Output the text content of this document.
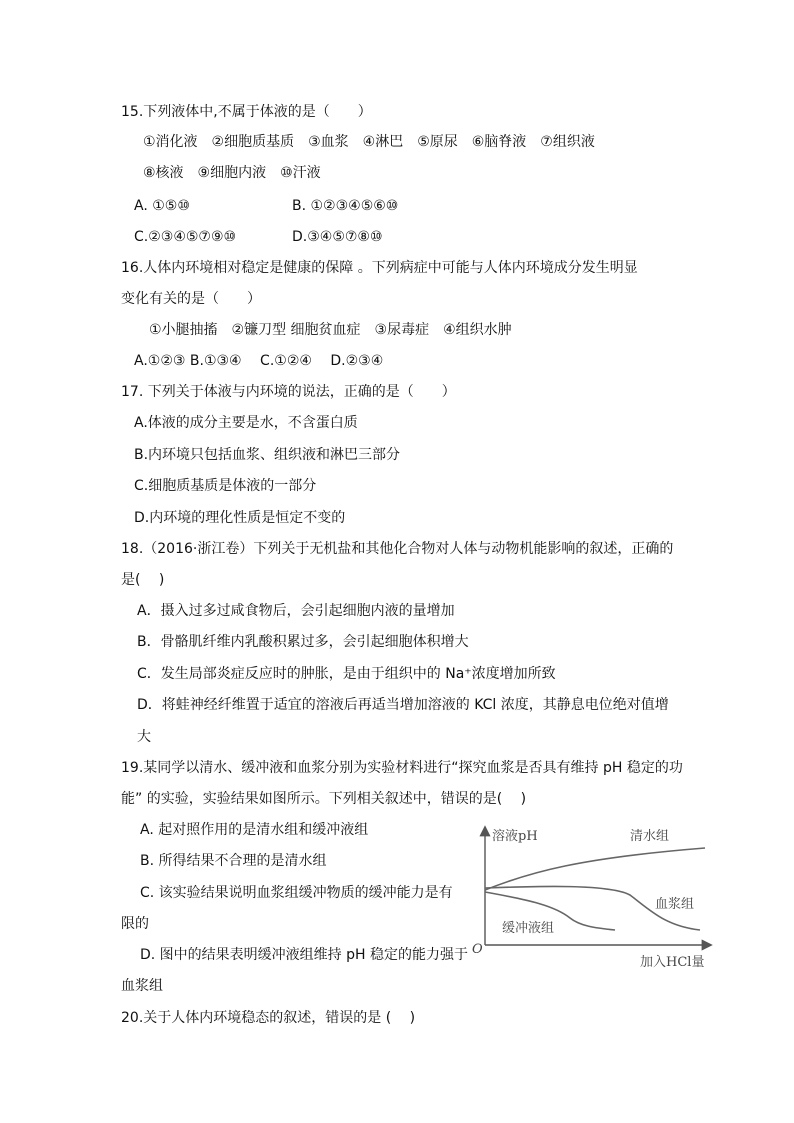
15.下列液体中,不属于体液的是（　　）
①消化液　②细胞质基质　③血浆　④淋巴　⑤原尿　⑥脑脊液　⑦组织液
⑧核液　⑨细胞内液　⑩汗液
A. ①⑤⑩	B. ①②③④⑤⑥⑩
C.②③④⑤⑦⑨⑩	D.③④⑤⑦⑧⑩
16.人体内环境相对稳定是健康的保障 。下列病症中可能与人体内环境成分发生明显
变化有关的是（　　）
①小腿抽搐　②镰刀型 细胞贫血症　③尿毒症　④组织水肿
A.①②③ B.①③④　 C.①②④　 D.②③④
17. 下列关于体液与内环境的说法，正确的是（　　）
A.体液的成分主要是水，不含蛋白质
B.内环境只包括血浆、组织液和淋巴三部分
C.细胞质基质是体液的一部分
D.内环境的理化性质是恒定不变的
18.（2016·浙江卷）下列关于无机盐和其他化合物对人体与动物机能影响的叙述，正确的
是(　 )
A．摄入过多过咸食物后，会引起细胞内液的量增加
B．骨骼肌纤维内乳酸积累过多，会引起细胞体积增大
C．发生局部炎症反应时的肿胀，是由于组织中的 Na⁺浓度增加所致
D．将蛙神经纤维置于适宜的溶液后再适当增加溶液的 KCl 浓度，其静息电位绝对值增
大
19.某同学以清水、缓冲液和血浆分别为实验材料进行“探究血浆是否具有维持 pH 稳定的功
能” 的实验，实验结果如图所示。下列相关叙述中，错误的是(　 )
A. 起对照作用的是清水组和缓冲液组
B. 所得结果不合理的是清水组
C. 该实验结果说明血浆组缓冲物质的缓冲能力是有
限的
D. 图中的结果表明缓冲液组维持 pH 稳定的能力强于
血浆组
溶液pH
加入HCl量
O
清水组
血浆组
缓冲液组
20.关于人体内环境稳态的叙述，错误的是 (　 )
